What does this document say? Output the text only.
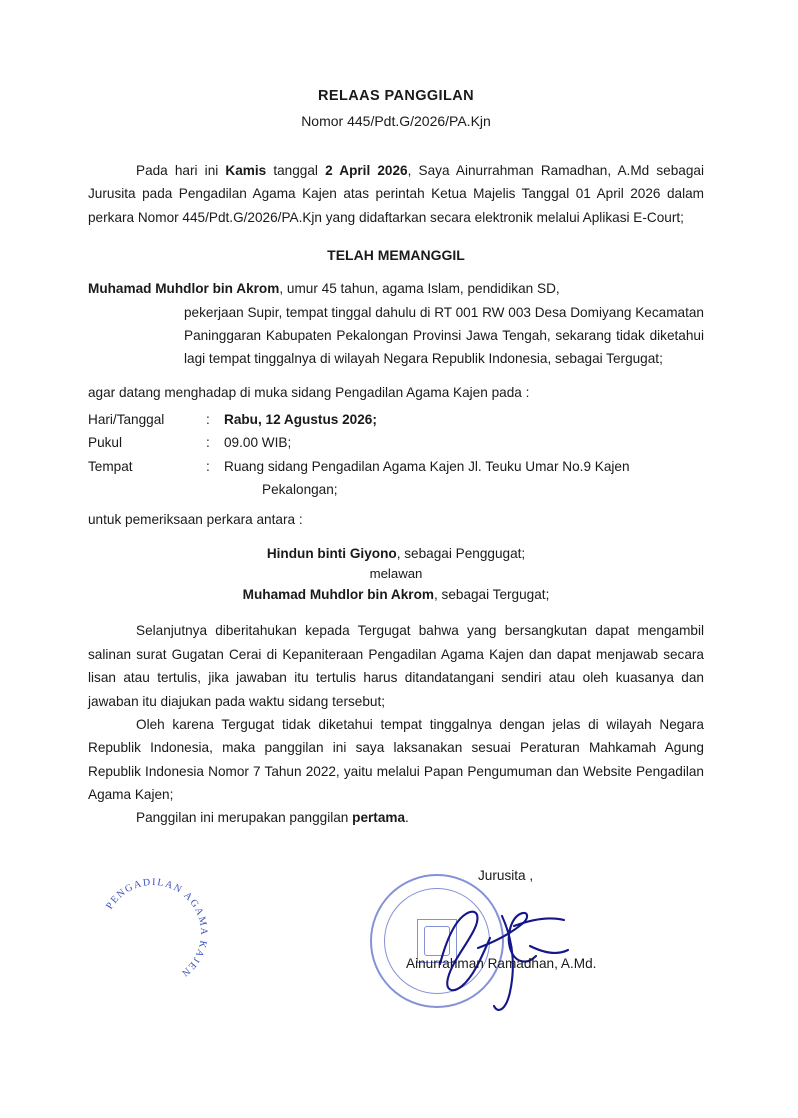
RELAAS PANGGILAN
Nomor 445/Pdt.G/2026/PA.Kjn

Pada hari ini Kamis tanggal 2 April 2026, Saya Ainurrahman Ramadhan, A.Md sebagai Jurusita pada Pengadilan Agama Kajen atas perintah Ketua Majelis Tanggal 01 April 2026 dalam perkara Nomor 445/Pdt.G/2026/PA.Kjn yang didaftarkan secara elektronik melalui Aplikasi E-Court;

TELAH MEMANGGIL
Muhamad Muhdlor bin Akrom, umur 45 tahun, agama Islam, pendidikan SD,
pekerjaan Supir, tempat tinggal dahulu di RT 001 RW 003 Desa Domiyang Kecamatan Paninggaran Kabupaten Pekalongan Provinsi Jawa Tengah, sekarang tidak diketahui lagi tempat tinggalnya di wilayah Negara Republik Indonesia, sebagai Tergugat;
agar datang menghadap di muka sidang Pengadilan Agama Kajen pada :
Hari/Tanggal	:	Rabu, 12 Agustus 2026;
Pukul	:	09.00 WIB;
Tempat	:	Ruang sidang Pengadilan Agama Kajen Jl. Teuku Umar No.9 Kajen
Pekalongan;
untuk pemeriksaan perkara antara :
Hindun binti Giyono, sebagai Penggugat;
melawan
Muhamad Muhdlor bin Akrom, sebagai Tergugat;

Selanjutnya diberitahukan kepada Tergugat bahwa yang bersangkutan dapat mengambil salinan surat Gugatan Cerai di Kepaniteraan Pengadilan Agama Kajen dan dapat menjawab secara lisan atau tertulis, jika jawaban itu tertulis harus ditandatangani sendiri atau oleh kuasanya dan jawaban itu diajukan pada waktu sidang tersebut;

Oleh karena Tergugat tidak diketahui tempat tinggalnya dengan jelas di wilayah Negara Republik Indonesia, maka panggilan ini saya laksanakan sesuai Peraturan Mahkamah Agung Republik Indonesia Nomor 7 Tahun 2022, yaitu melalui Papan Pengumuman dan Website Pengadilan Agama Kajen;

Panggilan ini merupakan panggilan pertama.

Jurusita ,
PENGADILAN AGAMA KAJEN
Ainurrahman Ramadhan, A.Md.
